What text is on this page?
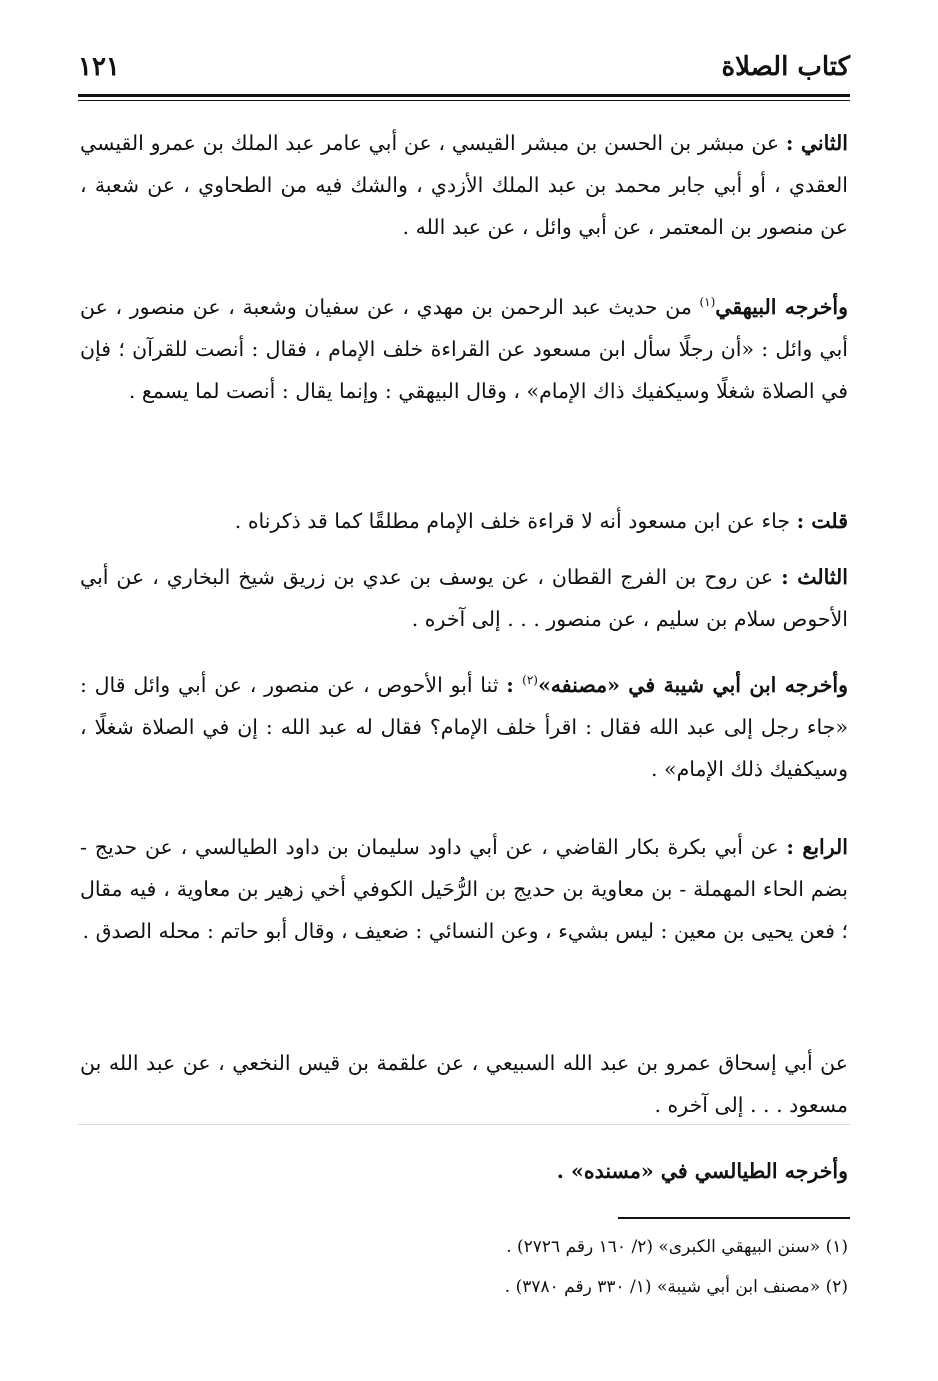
كتاب الصلاة
١٢١

الثاني : عن مبشر بن الحسن بن مبشر القيسي ، عن أبي عامر عبد الملك بن عمرو القيسي العقدي ، أو أبي جابر محمد بن عبد الملك الأزدي ، والشك فيه من الطحاوي ، عن شعبة ، عن منصور بن المعتمر ، عن أبي وائل ، عن عبد الله .

وأخرجه البيهقي$^{(١)}$ من حديث عبد الرحمن بن مهدي ، عن سفيان وشعبة ، عن منصور ، عن أبي وائل : «أن رجلًا سأل ابن مسعود عن القراءة خلف الإمام ، فقال : أنصت للقرآن ؛ فإن في الصلاة شغلًا وسيكفيك ذاك الإمام» ، وقال البيهقي : وإنما يقال : أنصت لما يسمع .

قلت : جاء عن ابن مسعود أنه لا قراءة خلف الإمام مطلقًا كما قد ذكرناه .

الثالث : عن روح بن الفرج القطان ، عن يوسف بن عدي بن زريق شيخ البخاري ، عن أبي الأحوص سلام بن سليم ، عن منصور . . . إلى آخره .

وأخرجه ابن أبي شيبة في «مصنفه»$^{(٢)}$ : ثنا أبو الأحوص ، عن منصور ، عن أبي وائل قال : «جاء رجل إلى عبد الله فقال : اقرأ خلف الإمام؟ فقال له عبد الله : إن في الصلاة شغلًا ، وسيكفيك ذلك الإمام» .

الرابع : عن أبي بكرة بكار القاضي ، عن أبي داود سليمان بن داود الطيالسي ، عن حديج - بضم الحاء المهملة - بن معاوية بن حديج بن الرُّحَيل الكوفي أخي زهير بن معاوية ، فيه مقال ؛ فعن يحيى بن معين : ليس بشيء ، وعن النسائي : ضعيف ، وقال أبو حاتم : محله الصدق .

عن أبي إسحاق عمرو بن عبد الله السبيعي ، عن علقمة بن قيس النخعي ، عن عبد الله بن مسعود . . . إلى آخره .

وأخرجه الطيالسي في «مسنده» .

(١) «سنن البيهقي الكبرى» (٢/ ١٦٠ رقم ٢٧٢٦) .

(٢) «مصنف ابن أبي شيبة» (١/ ٣٣٠ رقم ٣٧٨٠) .
